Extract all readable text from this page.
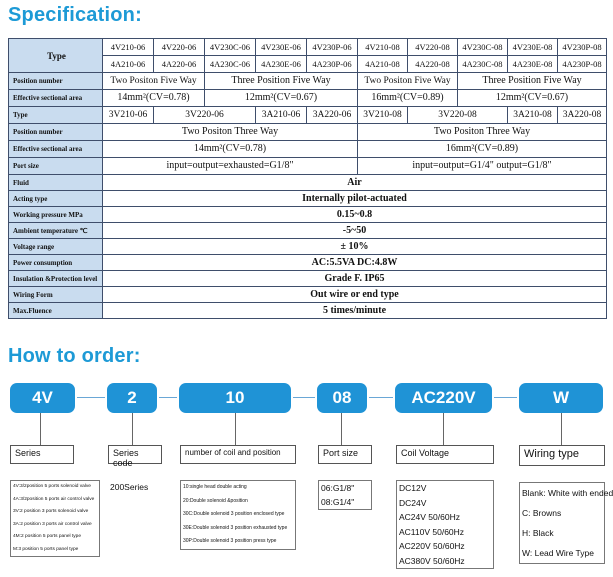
Specification:
Type	4V210-06	4V220-06	4V230C-06	4V230E-06	4V230P-06	4V210-08	4V220-08	4V230C-08	4V230E-08	4V230P-08
	4A210-06	4A220-06	4A230C-06	4A230E-06	4A230P-06	4A210-08	4A220-08	4A230C-08	4A230E-08	4A230P-08
Position number	Two Positon Five Way		Three Position Five Way			Two Positon Five Way		Three Position Five Way		
Effective sectional area	14mm²(CV=0.78)		12mm²(CV=0.67)			16mm²(CV=0.89)		12mm²(CV=0.67)		
Type	3V210-06	3V220-06		3A210-06	3A220-06	3V210-08	3V220-08		3A210-08	3A220-08
Position number	Two Positon Three Way					Two Positon Three Way				
Effective sectional area	14mm²(CV=0.78)					16mm²(CV=0.89)				
Port size	input=output=exhausted=G1/8"					input=output=G1/4" output=G1/8"				
Fluid	Air									
Acting type	Internally pilot-actuated									
Working pressure MPa	0.15~0.8									
Ambient temperature ℃	-5~50									
Voltage range	± 10%									
Power consumption	AC:5.5VA DC:4.8W									
Insulation &Protection level	Grade F. IP65									
Wiring Form	Out wire or end type									
Max.Fluence	5 times/minute									
How to order:
4V	2	10	08	AC220V	W
Series
4V:3/2position 5 ports solenoid valve
4A:3/2position 5 ports air control valve
3V:2 position 3 ports solenoid valve
3A:2 position 3 ports air control valve
4M:2 position 5 ports panel type
M:3 position 5 ports panel type
Series code
200Series
number of coil and position
10:single head double acting
20:Double solenoid &position
30C:Double solenoid 3 position enclosed type
30E:Double solenoid 3 position exhausted type
30P:Double solenoid 3 position press type
Port size
06:G1/8"
08:G1/4"
Coil Voltage
DC12V
DC24V
AC24V 50/60Hz
AC110V 50/60Hz
AC220V 50/60Hz
AC380V 50/60Hz
Wiring type
Blank: White with ended
C: Browns
H: Black
W: Lead Wire Type
